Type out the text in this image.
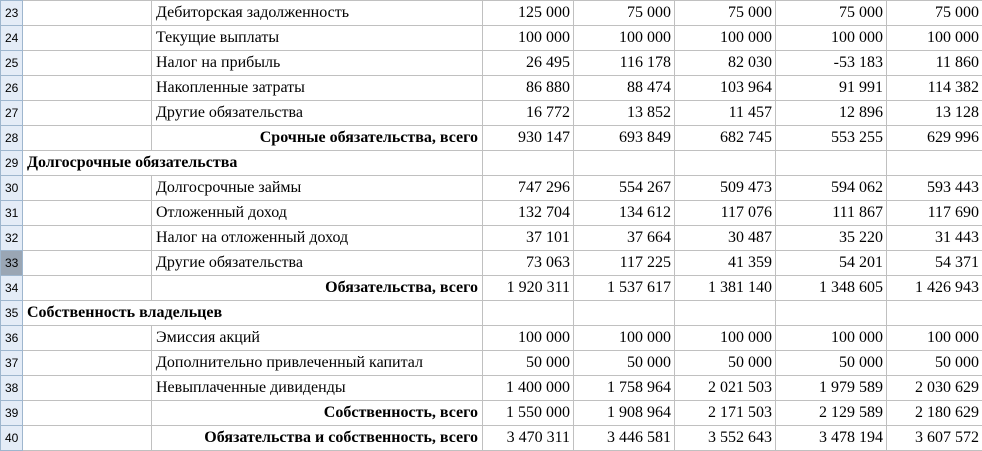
23		Дебиторская задолженность	125 000	75 000	75 000	75 000	75 000
24		Текущие выплаты	100 000	100 000	100 000	100 000	100 000
25		Налог на прибыль	26 495	116 178	82 030	-53 183	11 860
26		Накопленные затраты	86 880	88 474	103 964	91 991	114 382
27		Другие обязательства	16 772	13 852	11 457	12 896	13 128
28		Срочные обязательства, всего	930 147	693 849	682 745	553 255	629 996
29	Долгосрочные обязательства						
30		Долгосрочные займы	747 296	554 267	509 473	594 062	593 443
31		Отложенный доход	132 704	134 612	117 076	111 867	117 690
32		Налог на отложенный доход	37 101	37 664	30 487	35 220	31 443
33		Другие обязательства	73 063	117 225	41 359	54 201	54 371
34		Обязательства, всего	1 920 311	1 537 617	1 381 140	1 348 605	1 426 943
35	Собственность владельцев						
36		Эмиссия акций	100 000	100 000	100 000	100 000	100 000
37		Дополнительно привлеченный капитал	50 000	50 000	50 000	50 000	50 000
38		Невыплаченные дивиденды	1 400 000	1 758 964	2 021 503	1 979 589	2 030 629
39		Собственность, всего	1 550 000	1 908 964	2 171 503	2 129 589	2 180 629
40		Обязательства и собственность, всего	3 470 311	3 446 581	3 552 643	3 478 194	3 607 572
